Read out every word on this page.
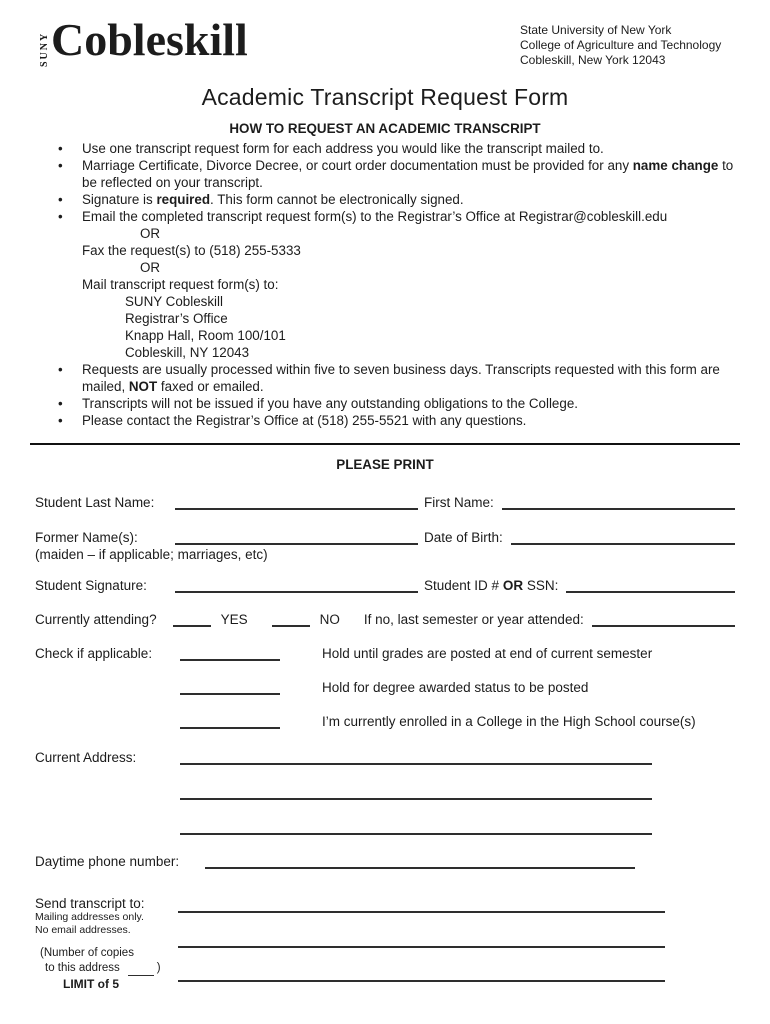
SUNY Cobleskill	State University of New York
College of Agriculture and Technology
Cobleskill, New York 12043
Academic Transcript Request Form
HOW TO REQUEST AN ACADEMIC TRANSCRIPT
•	Use one transcript request form for each address you would like the transcript mailed to.
•	Marriage Certificate, Divorce Decree, or court order documentation must be provided for any name change to be reflected on your transcript.
•	Signature is required. This form cannot be electronically signed.
•	Email the completed transcript request form(s) to the Registrar’s Office at Registrar@cobleskill.edu
OR
Fax the request(s) to (518) 255-5333
OR
Mail transcript request form(s) to:
SUNY Cobleskill
Registrar’s Office
Knapp Hall, Room 100/101
Cobleskill, NY 12043
•	Requests are usually processed within five to seven business days. Transcripts requested with this form are mailed, NOT faxed or emailed.
•	Transcripts will not be issued if you have any outstanding obligations to the College.
•	Please contact the Registrar’s Office at (518) 255-5521 with any questions.
PLEASE PRINT
Student Last Name:	First Name:
Former Name(s):	Date of Birth:
(maiden – if applicable; marriages, etc)
Student Signature:	Student ID # OR SSN:
Currently attending?	YES	NO If no, last semester or year attended:
Check if applicable:	Hold until grades are posted at end of current semester
Hold for degree awarded status to be posted
I’m currently enrolled in a College in the High School course(s)
Current Address:
Daytime phone number:
Send transcript to:
Mailing addresses only.
No email addresses.
(Number of copies
to this address	)
LIMIT of 5
